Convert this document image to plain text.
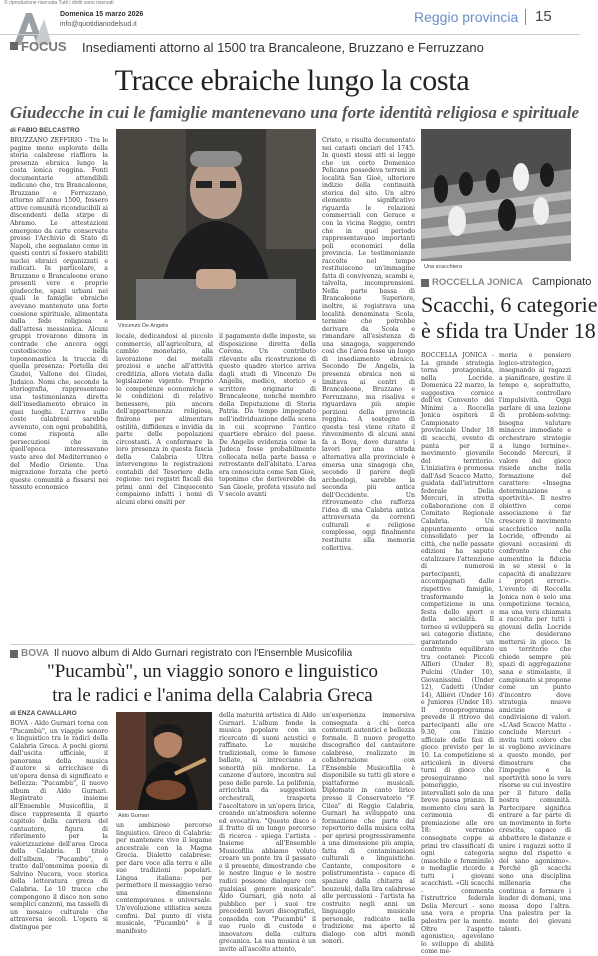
© riproduzione riservata Tutti i diritti sono riservati
Domenica 15 marzo 2026
info@quotidianodelsud.it	Reggio provincia 15
FOCUS Insediamenti attorno al 1500 tra Brancaleone, Bruzzano e Ferruzzano
Tracce ebraiche lungo la costa
Giudecche in cui le famiglie mantenevano una forte identità religiosa e spirituale
di FABIO BELCASTRO
BRUZZANO ZEFFIRIO - Tra le pagine meno esplorate della storia calabrese riaffiora la presenza ebraica lungo la costa ionica reggina. Fonti documentarie attendibili indicano che, tra Brancaleone, Bruzzano e Ferruzzano, attorno all'anno 1500, fossero attive comunità riconducibili ai discendenti della stirpe di Abramo. Le attestazioni emergono da carte conservate presso l'Archivio di Stato di Napoli, che segnalano come in questi centri si fossero stabiliti nuclei ebraici organizzati e radicati. In particolare, a Bruzzano e Brancaleone erano presenti vere e proprie giudecche, spazi urbani nei quali le famiglie ebraiche avevano mantenuto una forte coesione spirituale, alimentata dalla fede religiosa e dall'attesa messianica. Alcuni gruppi trovarono dimora in contrade che ancora oggi custodiscono nella toponomastica la traccia di quella presenza: Portella dei Giudei, Vallone dei Giudei, Judaico. Nomi che, secondo la storiografia, rappresentano una testimonianza diretta dell'insediamento ebraico in quei luoghi. L'arrivo sulle coste calabresi sarebbe avvenuto, con ogni probabilità, come risposta alle persecuzioni che in quell'epoca interessavano vaste aree del Mediterraneo e del Medio Oriente. Una migrazione forzata che portò queste comunità a fissarsi nei tessuto economico
Vincenzo De Angelis
locale, dedicandosi al piccolo commercio, all'agricoltura, al cambio monetario, alla lavorazione dei metalli preziosi e anche all'attività creditizia, allora vietata dalla legislazione vigente. Proprio le competenze economiche e le condizioni di relativo benessere, più ancora dell'appartenenza religiosa, finirono per alimentare ostilità, diffidenza e invidia da parte delle popolazioni circostanti. A confermare la loro presenza in questa fascia della Calabria Ultra intervengono le registrazioni contabili del Tesoriere della regione: nei registri fiscali dei primi anni del Cinquecento compaiono infatti i nomi di alcuni ebrei onsiti per
il pagamento delle imposte, su disposizione diretta della Corona. Un contributo rilevante alla ricostruzione di questo quadro storico arriva dagli studi di Vincenzo De Angelis, medico, storico e scrittore originario di Brancaleone, nonché membro della Deputazione di Storia Patria. Da tempo impegnato nell'individuazione della scena in cui scoprono l'antico quartiere ebraico del paese. De Angelis evidenzia come la Judeca fosse probabilmente collocata nella parte bassa e retrostante dell'abitato. L'area era conosciuta come San Gioè, toponimo che deriverebbe da San Gioele, profeta vissuto nel V secolo avanti
Cristo, e risulta documentato nei catasti onciari del 1745. In questi stessi atti si legge che un certo Domenico Pelicano possedeva terreni in località San Gioè, ulteriore indizio della continuità storica del sito. Un altro elemento significativo riguarda le relazioni commerciali con Gerace e con la vicina Reggio, centri che in quel periodo rappresentavano importanti poli economici della provincia. Le testimonianze raccolte nel tempo restituiscono un'immagine fatta di convivenza, scambi e, talvolta, incomprensioni. Nella parte bassa di Brancaleone Superiore, inoltre, si registrava una località denominata Scola, termine che potrebbe derivare da Scola e rimandare all'esistenza di una sinagoga, suggerendo così che l'area fosse un luogo di insediamento ebraico. Secondo De Angelis, la presenza ebraica non si limitava ai centri di Brancaleone, Bruzzano e Ferruzzano, ma risaliva e riguardava più ampie porzioni della provincia reggina. A sostegno di questa tesi viene citato il rinvenimento di alcuni anni fa a Bova, dove durante i lavori per una strada alternativa alla provinciale è emersa una sinagoga che, secondo il parere degli archeologi, sarebbe la seconda più antica dell'Occidente. Un ritrovamento che rafforza l'idea di una Calabria antica attraversata da correnti culturali e religiose complesse, oggi finalmente restituite alla memoria collettiva.
Una scacchiera
ROCCELLA JONICA Campionato
Scacchi, 6 categorie
è sfida tra Under 18
ROCCELLA JONICA - La grande strategia torna protagonista, nella Locride. Domenica 22 marzo, la suggestiva cornice dell'ex Convento dei Minimi a Roccella Jonica ospiterà il Campionato provinciale Under 18 di scacchi, evento di punta per il movimento giovanile del territorio. L'iniziativa è promossa dall'Asd Scacco Matto, guidata dall'istruttore federale Delia Mercuri, in stretta collaborazione con il Comitato Regionale Calabria. Un appuntamento ormai consolidato per la città, che nelle passate edizioni ha saputo catalizzare l'attenzione di numerosi partecipanti, accompagnati dalle rispettive famiglie, trasformando la competizione in una festa dello sport e della socialità. Il torneo si svilupperà su sei categorie distinte, garantendo un confronto equilibrato tra coetanei: Piccoli Alfieri (Under 8), Pulcini (Under 10), Giovanissimi (Under 12), Cadetti (Under 14), Allievi (Under 16) e Juniores (Under 18). Il cronoprogramma prevede il ritrovo dei partecipanti alle ore 9.30, con l'inizio ufficiale delle fasi di gioco previsto per le 10. La competizione si articolerà in diversi turni di gioco che proseguiranno nel pomeriggio, intervallati solo da una breve pausa pranzo. Il momento clou sarà la cerimonia di premiazione alle ore 18: verranno consegnate coppe ai primi tre classificati di ogni categoria (maschile e femminile) e medaglie ricordo a tutti i giovani scacchisti. «Gli scacchi - commenta l'istruttrice federale Delia Mercuri - sono una vera e propria palestra per la mente. Oltre l'aspetto agonistico, agevolano lo sviluppo di abilità come me-
moria e pensiero logico-strategico, insegnando ai ragazzi a pianificare, gestire il tempo e, soprattutto, a controllare l'impulsività. Oggi parlare di una lezione di problem-solving: bisogna valutare minacce immediate e orchestrare strategie a lungo termine». Secondo Mercuri, il valore del gioco risiede anche nella formazione del carattere: «Insegna determinazione e sportività». Il nostro obiettivo come associazione è far crescere il movimento scacchistico nella Locride, offrendo ai giovani occasioni di confronto che aumentino la fiducia in se stessi e la capacità di analizzare i propri errori». L'evento di Roccella Jonica non è solo una competizione tecnica, ma una vera chiamata a raccolta per tutti i giovani della Locride che desiderano mettersi in gioco. In un territorio che chiede sempre più spazi di aggregazione sana e stimolante, il campionato si propone come un punto d'incontro dove strategia muove amicizie e condivisione di valori. «L'Asd Scacco Matto - conclude Mercuri - invita tutti coloro che si vogliono avvicinare a questo mondo, per dimostrare che l'impegno e la sportività sono le vere risorse su cui investire per il futuro della nostra comunità. Partecipare significa entrare a far parte di un movimento in forte crescita, capace di abbattere le distanze e unire i ragazzi sotto il segno del rispetto e del sano agonismo». Perché gli scacchi sono una disciplina millenaria che continua a formare i leader di domani, una mossa dopo l'altra. Una palestra per la mente dei giovani talenti.
BOVA Il nuovo album di Aldo Gurnari registrato con l'Ensemble Musicofilia
"Pucambù", un viaggio sonoro e linguistico
tra le radici e l'anima della Calabria Greca
di ENZA CAVALLARO
BOVA - Aldo Gurnari torna con "Pucambù", un viaggio sonoro e linguistico tra le radici della Calabria Greca. A pochi giorni dall'uscita ufficiale, il panorama della musica d'autore si arricchisce di un'opera densa di significato e bellezza: "Pucambù", il nuovo album di Aldo Gurnari. Registrato insieme all'Ensemble Musicofilia, il disco rappresenta il quarto capitolo della carriera del cantautore, figura di riferimento per la valorizzazione dell'area Greca della Calabria. Il titolo dell'album, "Pucambù", è tratto dall'omonima poesia di Salvino Nucera, voce storica della letteratura greca di Calabria. Le 10 tracce che compongono il disco non sono semplici canzoni, ma tasselli di un mosaico culturale che attraversa secoli. L'opera si distingue per
Aldo Gurnari
un ambizioso percorso linguistico. Greco di Calabria: per mantenere vivo il legame ancestrale con la Magna Grecia. Dialetto calabrese: per dare voce alla terra e alle sue tradizioni popolari. Lingua italiana: per permettere il messaggio verso una dimensione contemporanea e universale. Un'evoluzione stilistica senza confini. Dal punto di vista musicale, "Pucambù" è il manifesto
della maturità artistica di Aldo Gurnari. L'album fonde la musica popolare con un ricercato di suoni acustici e raffinato. Le musiche tradizionali, come le famose ballate, si intrecciano a sonorità più moderne. La canzone d'autore, incontra sul peso delle parole. La polifonia, arricchita da suggestioni orchestrali, trasporta l'ascoltatore in un'opera lirica, creando un'atmosfera solenne ed evocativa. "Questo disco è il frutto di un lungo percorso di ricerca - spiega l'artista - Insieme all'Ensemble Musicofilia abbiamo voluto creare un ponte tra il passato e il presente, dimostrando che le nostre lingue e le nostre radici possono dialogare con qualsiasi genere musicale". Aldo Gurnari, già noto al pubblico per i suoi tre precedenti lavori discografici, consolida con "Pucambù" il suo ruolo di custode e innovatore della cultura grecanica. La sua musica è un invito all'ascolto attento,
un'esperienza immersiva consegnata a chi cerca contenuti autentici e bellezza formale. Il nuovo progetto discografico del cantautore calabrese, realizzato in collaborazione con l'Ensemble Musicofilia è disponibile su tutti gli store e piattaforme musicali. Diplomato in canto lirico presso il Conservatorio "F. Cilea" di Reggio Calabria, Gurnari ha sviluppato una formazione che parte dal repertorio della musica colta per aprirsi progressivamente a una dimensione più ampia, fatta di contaminazioni culturali e linguistiche. Cantante, compositore e polistrumentista - capace di spaziare dalla chitarra al bouzouki, dalla lira calabrese alle percussioni - l'artista ha costruito negli anni un linguaggio musicale personale, radicato nella tradizione ma aperto al dialogo con altri mondi sonori.
